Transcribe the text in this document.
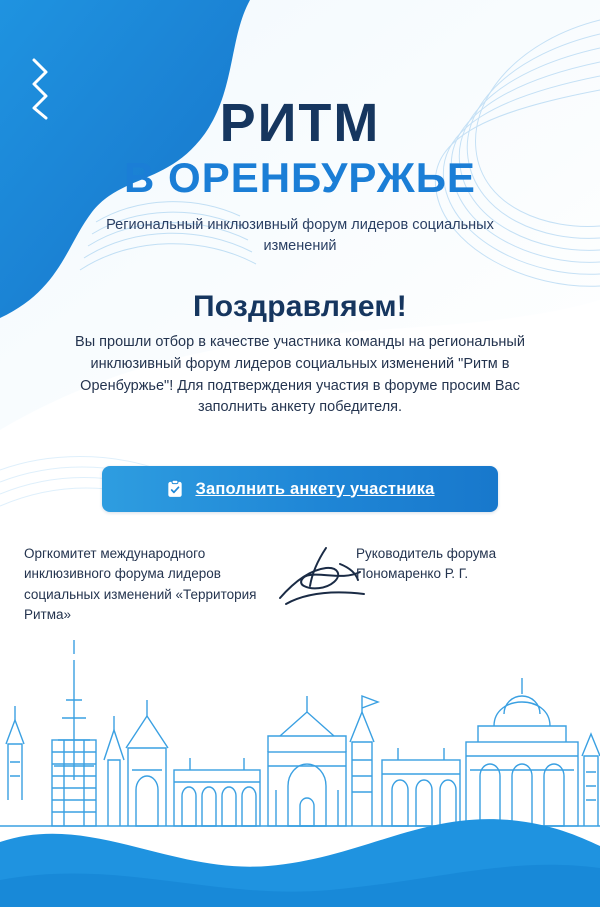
РИТМ
В ОРЕНБУРЖЬЕ

Региональный инклюзивный форум лидеров социальных изменений

Поздравляем!
Вы прошли отбор в качестве участника команды на региональный инклюзивный форум лидеров социальных изменений "Ритм в Оренбуржье"! Для подтверждения участия в форуме просим Вас заполнить анкету победителя.
Заполнить анкету участника
Оргкомитет международного инклюзивного форума лидеров социальных изменений «Территория Ритма»
Руководитель форума
Пономаренко Р. Г.
